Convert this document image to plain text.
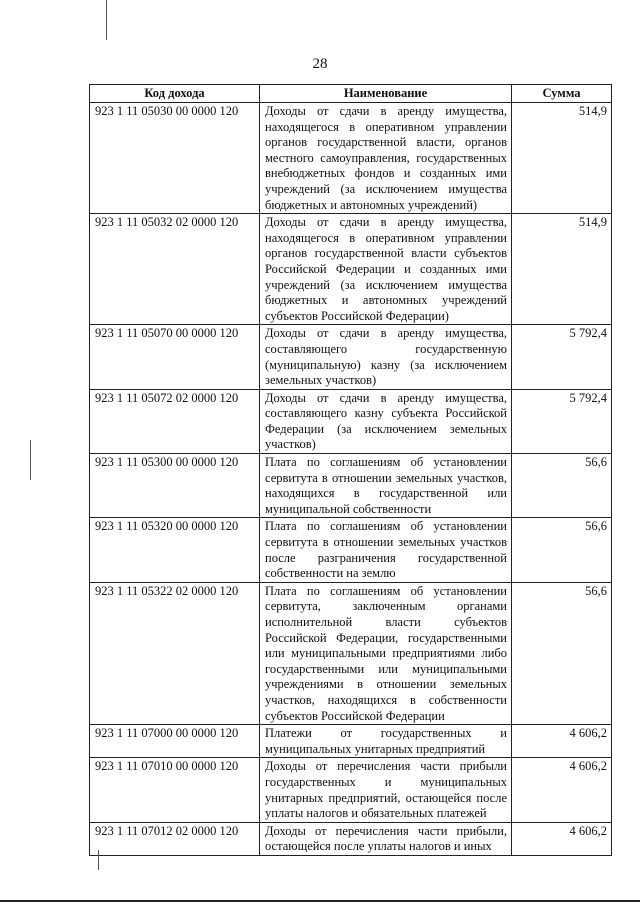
28
Код дохода	Наименование	Сумма
923 1 11 05030 00 0000 120	Доходы от сдачи в аренду имущества, находящегося в оперативном управлении органов государственной власти, органов местного самоуправления, государственных внебюджетных фондов и созданных ими учреждений (за исключением имущества бюджетных и автономных учреждений)	514,9
923 1 11 05032 02 0000 120	Доходы от сдачи в аренду имущества, находящегося в оперативном управлении органов государственной власти субъектов Российской Федерации и созданных ими учреждений (за исключением имущества бюджетных и автономных учреждений субъектов Российской Федерации)	514,9
923 1 11 05070 00 0000 120	Доходы от сдачи в аренду имущества, составляющего государственную (муниципальную) казну (за исключением земельных участков)	5 792,4
923 1 11 05072 02 0000 120	Доходы от сдачи в аренду имущества, составляющего казну субъекта Российской Федерации (за исключением земельных участков)	5 792,4
923 1 11 05300 00 0000 120	Плата по соглашениям об установлении сервитута в отношении земельных участков, находящихся в государственной или муниципальной собственности	56,6
923 1 11 05320 00 0000 120	Плата по соглашениям об установлении сервитута в отношении земельных участков после разграничения государственной собственности на землю	56,6
923 1 11 05322 02 0000 120	Плата по соглашениям об установлении сервитута, заключенным органами исполнительной власти субъектов Российской Федерации, государственными или муниципальными предприятиями либо государственными или муниципальными учреждениями в отношении земельных участков, находящихся в собственности субъектов Российской Федерации	56,6
923 1 11 07000 00 0000 120	Платежи от государственных и муниципальных унитарных предприятий	4 606,2
923 1 11 07010 00 0000 120	Доходы от перечисления части прибыли государственных и муниципальных унитарных предприятий, остающейся после уплаты налогов и обязательных платежей	4 606,2
923 1 11 07012 02 0000 120	Доходы от перечисления части прибыли, остающейся после уплаты налогов и иных	4 606,2
